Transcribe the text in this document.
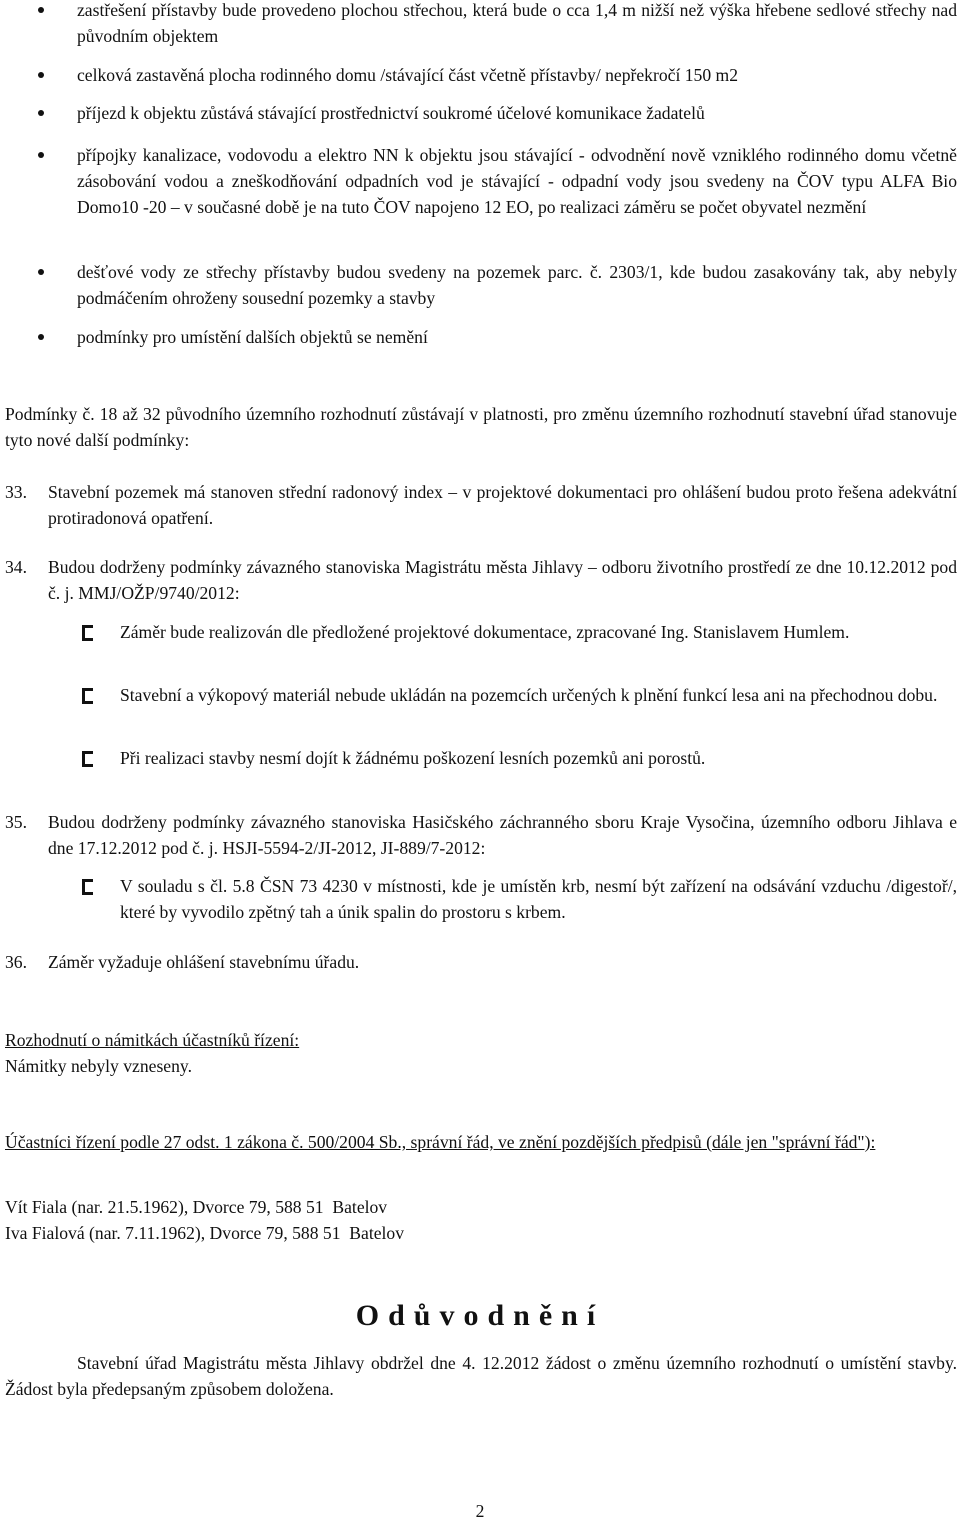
zastřešení přístavby bude provedeno plochou střechou, která bude o cca 1,4 m nižší než výška hřebene sedlové střechy nad původním objektem
celková zastavěná plocha rodinného domu /stávající část včetně přístavby/ nepřekročí 150 m2
příjezd k objektu zůstává stávající prostřednictví soukromé účelové komunikace žadatelů
přípojky kanalizace, vodovodu a elektro NN k objektu jsou stávající - odvodnění nově vzniklého rodinného domu včetně zásobování vodou a zneškodňování odpadních vod je stávající - odpadní vody jsou svedeny na ČOV typu ALFA Bio Domo10 -20 – v současné době je na tuto ČOV napojeno 12 EO, po realizaci záměru se počet obyvatel nezmění
dešťové vody ze střechy přístavby budou svedeny na pozemek parc. č. 2303/1, kde budou zasakovány tak, aby nebyly podmáčením ohroženy sousední pozemky a stavby
podmínky pro umístění dalších objektů se nemění
Podmínky č. 18 až 32 původního územního rozhodnutí zůstávají v platnosti, pro změnu územního rozhodnutí stavební úřad stanovuje tyto nové další podmínky:
33.	Stavební pozemek má stanoven střední radonový index – v projektové dokumentaci pro ohlášení budou proto řešena adekvátní protiradonová opatření.
34.	Budou dodrženy podmínky závazného stanoviska Magistrátu města Jihlavy – odboru životního prostředí ze dne 10.12.2012 pod č. j. MMJ/OŽP/9740/2012:
Záměr bude realizován dle předložené projektové dokumentace, zpracované Ing. Stanislavem Humlem.
Stavební a výkopový materiál nebude ukládán na pozemcích určených k plnění funkcí lesa ani na přechodnou dobu.
Při realizaci stavby nesmí dojít k žádnému poškození lesních pozemků ani porostů.
35.	Budou dodrženy podmínky závazného stanoviska Hasičského záchranného sboru Kraje Vysočina, územního odboru Jihlava e dne 17.12.2012 pod č. j. HSJI-5594-2/JI-2012, JI-889/7-2012:
V souladu s čl. 5.8 ČSN 73 4230 v místnosti, kde je umístěn krb, nesmí být zařízení na odsávání vzduchu /digestoř/, které by vyvodilo zpětný tah a únik spalin do prostoru s krbem.
36.	Záměr vyžaduje ohlášení stavebnímu úřadu.
Rozhodnutí o námitkách účastníků řízení:
Námitky nebyly vzneseny.
Účastníci řízení podle 27 odst. 1 zákona č. 500/2004 Sb., správní řád, ve znění pozdějších předpisů (dále jen "správní řád"):
Vít Fiala (nar. 21.5.1962), Dvorce 79, 588 51  Batelov
Iva Fialová (nar. 7.11.1962), Dvorce 79, 588 51  Batelov
Odůvodnění
Stavební úřad Magistrátu města Jihlavy obdržel dne 4. 12.2012 žádost o změnu územního rozhodnutí o umístění stavby. Žádost byla předepsaným způsobem doložena.
2
